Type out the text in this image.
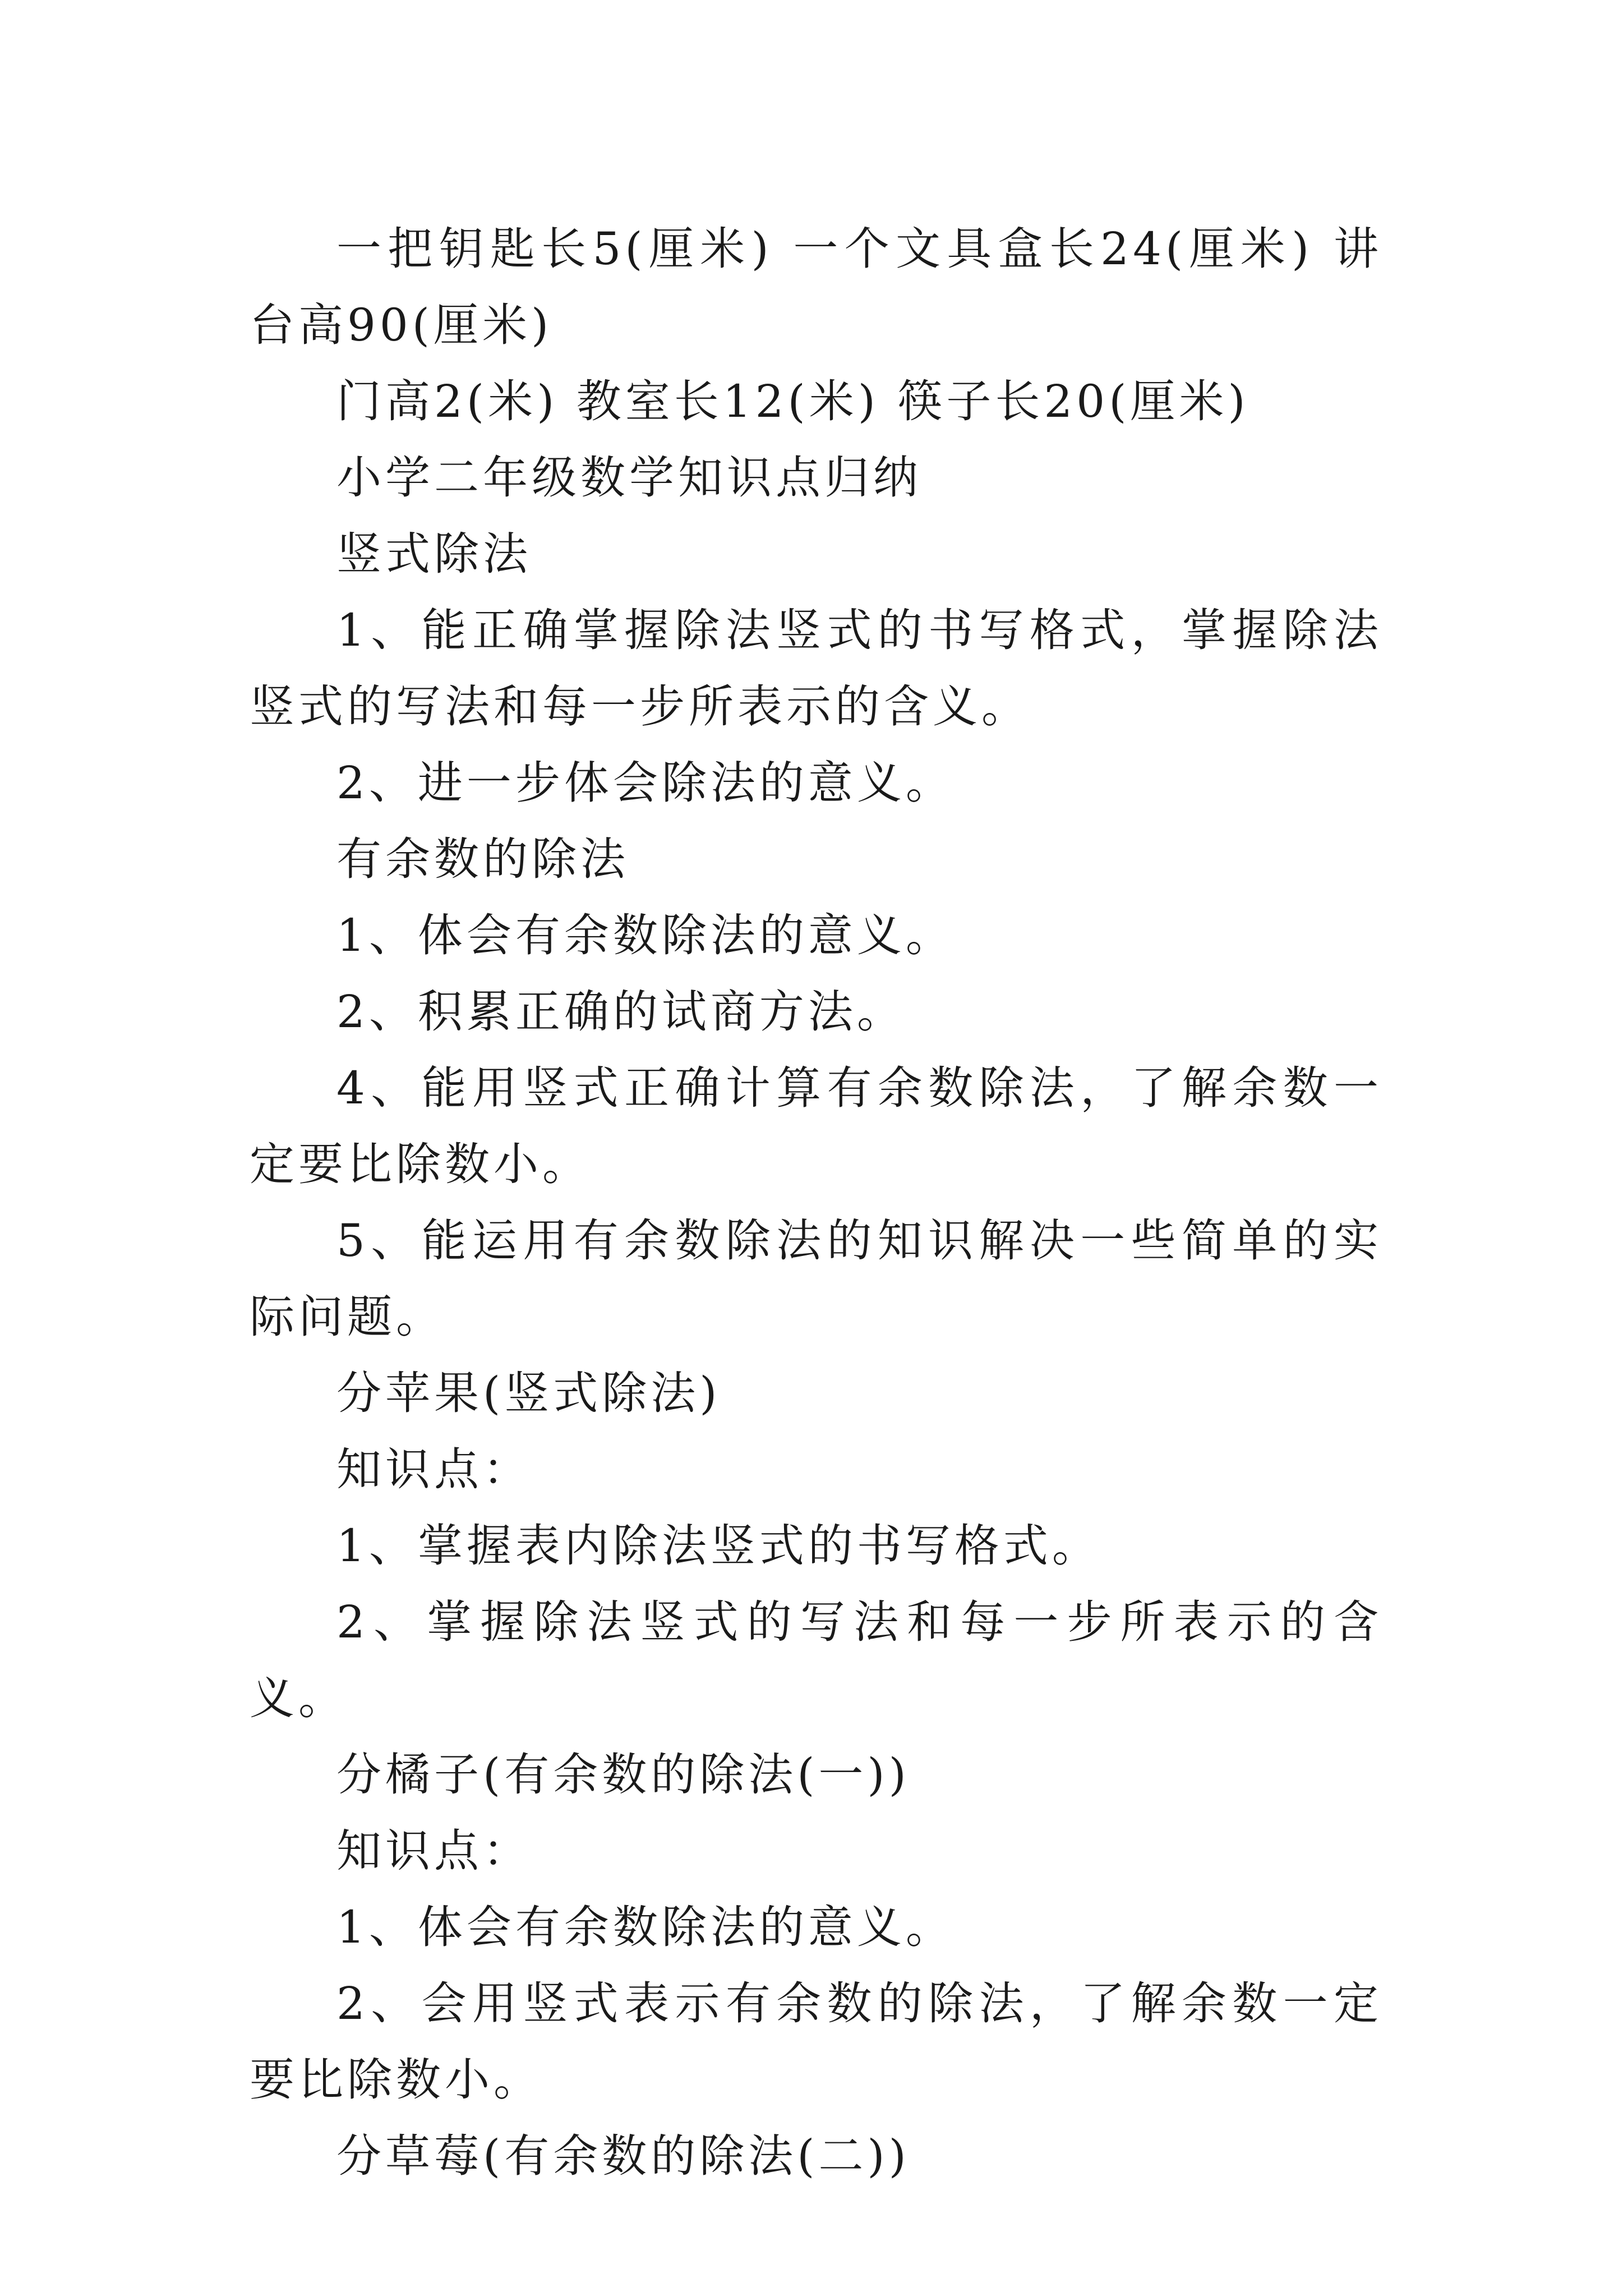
一把钥匙长5(厘米) 一个文具盒长24(厘米) 讲台高90(厘米)

门高2(米) 教室长12(米) 筷子长20(厘米)

小学二年级数学知识点归纳

竖式除法

1、能正确掌握除法竖式的书写格式，掌握除法竖式的写法和每一步所表示的含义。

2、进一步体会除法的意义。

有余数的除法

1、体会有余数除法的意义。

2、积累正确的试商方法。

4、能用竖式正确计算有余数除法，了解余数一定要比除数小。

5、能运用有余数除法的知识解决一些简单的实际问题。

分苹果(竖式除法)

知识点：

1、掌握表内除法竖式的书写格式。

2、掌握除法竖式的写法和每一步所表示的含义。

分橘子(有余数的除法(一))

知识点：

1、体会有余数除法的意义。

2、会用竖式表示有余数的除法，了解余数一定要比除数小。

分草莓(有余数的除法(二))
